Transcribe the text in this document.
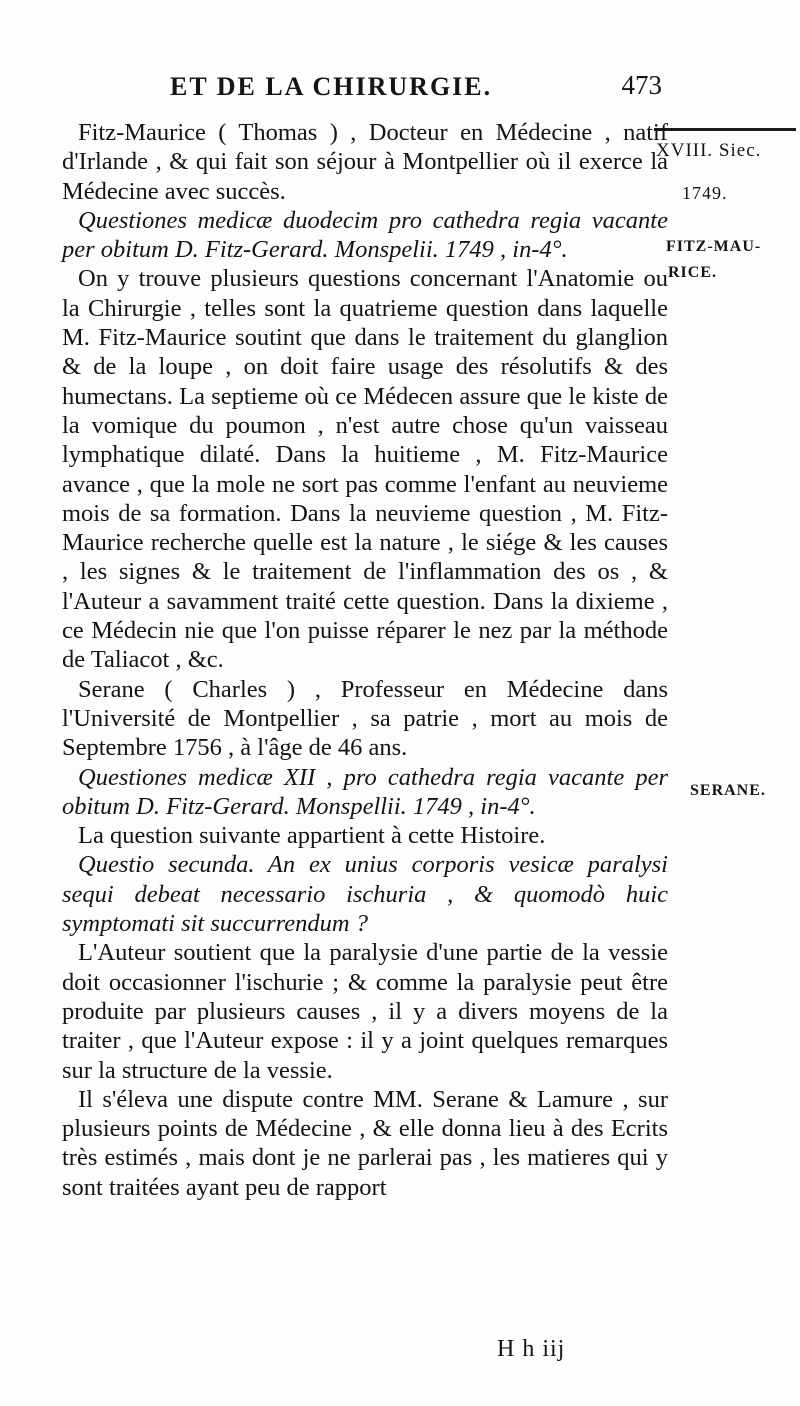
ET DE LA CHIRURGIE.	473
XVIII. Siec.
1749.
FITZ-MAU-
RICE.
SERANE.

Fitz-Maurice ( Thomas ) , Docteur en Médecine , natif d'Irlande , & qui fait son séjour à Montpellier où il exerce la Médecine avec succès.

Questiones medicæ duodecim pro cathedra regia vacante per obitum D. Fitz-Gerard. Monspelii. 1749 , in-4°.

On y trouve plusieurs questions concernant l'Anatomie ou la Chirurgie , telles sont la quatrieme question dans laquelle M. Fitz-Maurice soutint que dans le traitement du glanglion & de la loupe , on doit faire usage des résolutifs & des humectans. La septieme où ce Médecen assure que le kiste de la vomique du poumon , n'est autre chose qu'un vaisseau lymphatique dilaté. Dans la huitieme , M. Fitz-Maurice avance , que la mole ne sort pas comme l'enfant au neuvieme mois de sa formation. Dans la neuvieme question , M. Fitz-Maurice recherche quelle est la nature , le siége & les causes , les signes & le traitement de l'inflammation des os , & l'Auteur a savamment traité cette question. Dans la dixieme , ce Médecin nie que l'on puisse réparer le nez par la méthode de Taliacot , &c.

Serane ( Charles ) , Professeur en Médecine dans l'Université de Montpellier , sa patrie , mort au mois de Septembre 1756 , à l'âge de 46 ans.

Questiones medicæ XII , pro cathedra regia vacante per obitum D. Fitz-Gerard. Monspellii. 1749 , in-4°.

La question suivante appartient à cette Histoire.

Questio secunda. An ex unius corporis vesicæ paralysi sequi debeat necessario ischuria , & quomodò huic symptomati sit succurrendum ?

L'Auteur soutient que la paralysie d'une partie de la vessie doit occasionner l'ischurie ; & comme la paralysie peut être produite par plusieurs causes , il y a divers moyens de la traiter , que l'Auteur expose : il y a joint quelques remarques sur la structure de la vessie.

Il s'éleva une dispute contre MM. Serane & Lamure , sur plusieurs points de Médecine , & elle donna lieu à des Ecrits très estimés , mais dont je ne parlerai pas , les matieres qui y sont traitées ayant peu de rapport

H h iij
